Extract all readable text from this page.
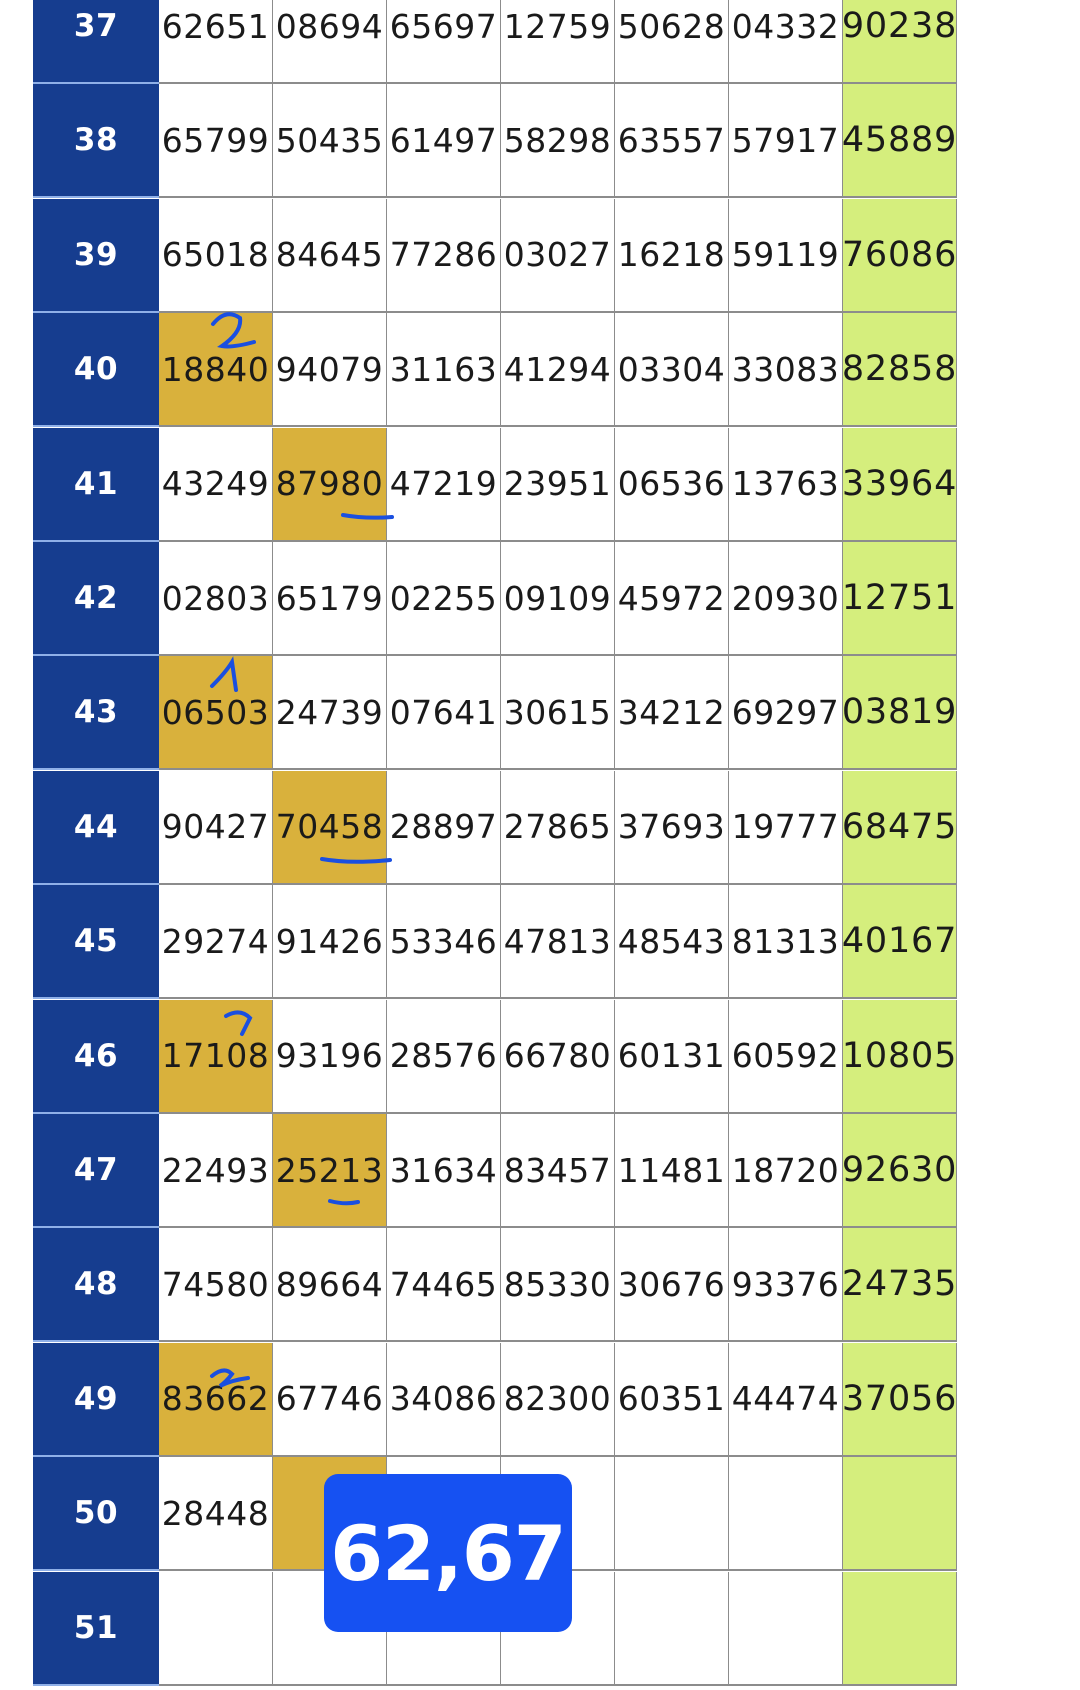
37	62651 08694 65697 12759 50628 04332 90238
38	65799 50435 61497 58298 63557 57917 45889
39	65018 84645 77286 03027 16218 59119 76086
40	18840 94079 31163 41294 03304 33083 82858
41	43249 87980 47219 23951 06536 13763 33964
42	02803 65179 02255 09109 45972 20930 12751
43	06503 24739 07641 30615 34212 69297 03819
44	90427 70458 28897 27865 37693 19777 68475
45	29274 91426 53346 47813 48543 81313 40167
46	17108 93196 28576 66780 60131 60592 10805
47	22493 25213 31634 83457 11481 18720 92630
48	74580 89664 74465 85330 30676 93376 24735
49	83662 67746 34086 82300 60351 44474 37056
50	28448
51
62,67
